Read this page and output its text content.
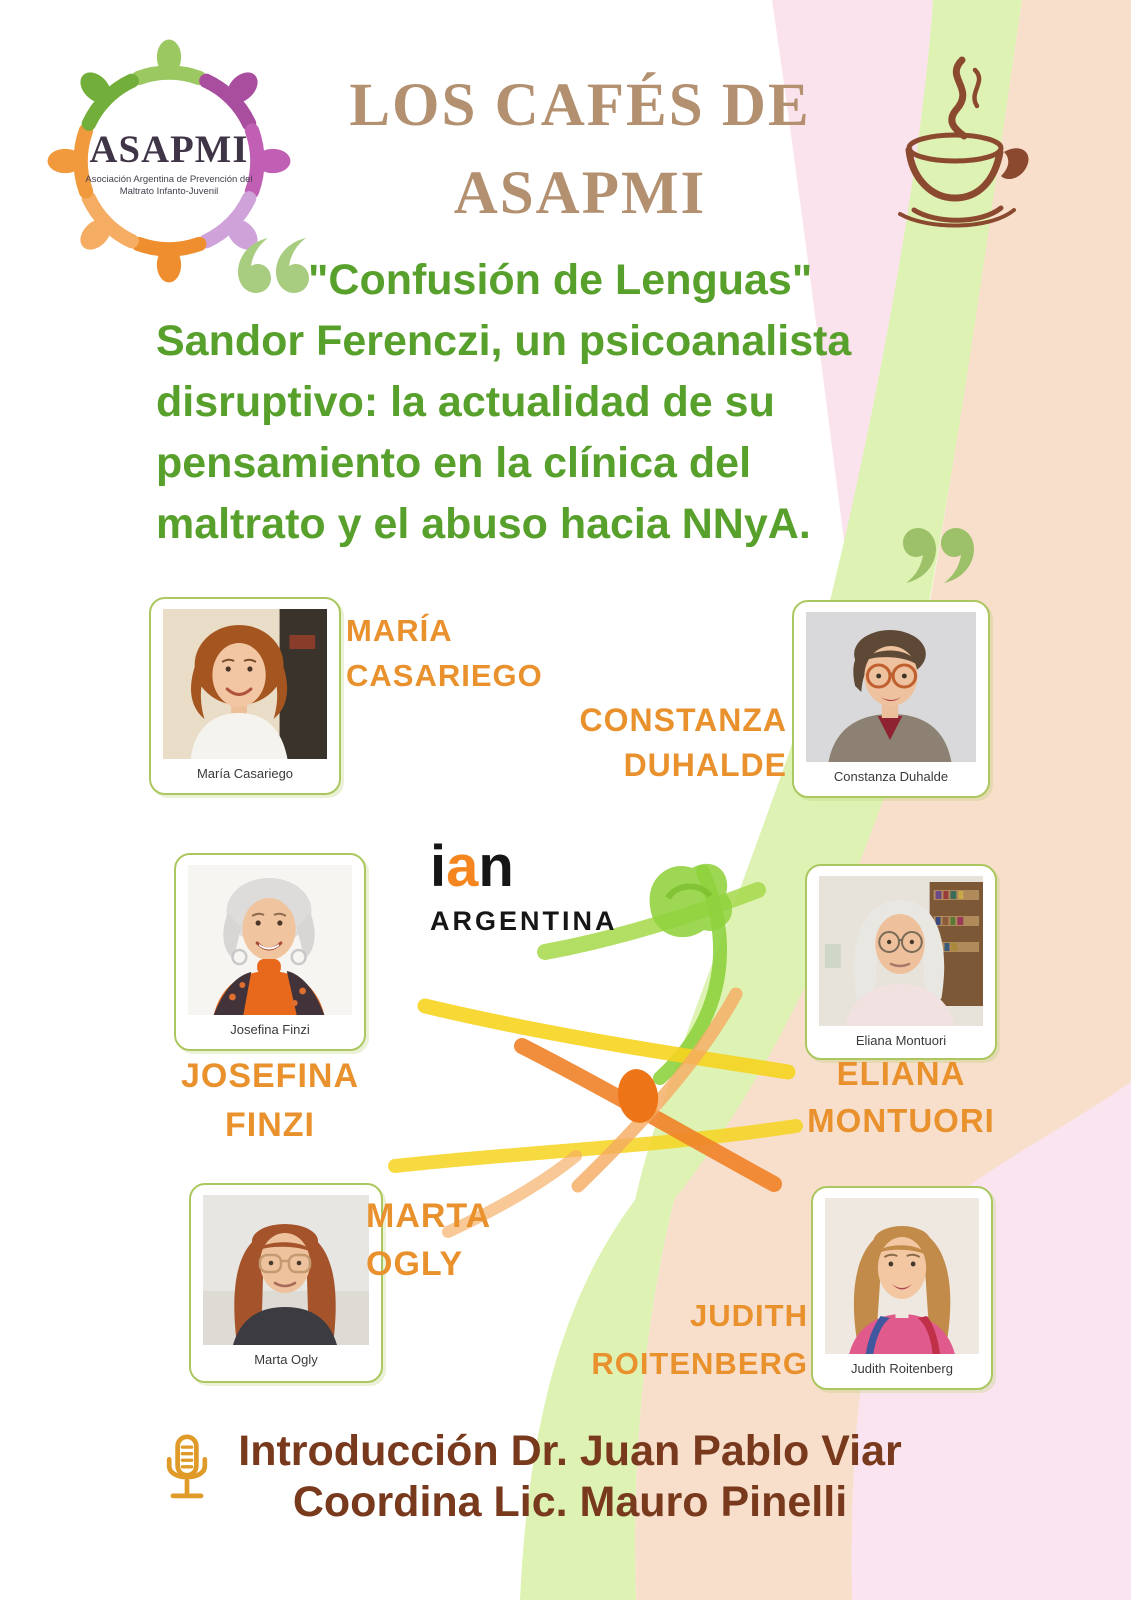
ASAPMI
Asociación Argentina de Prevención del
Maltrato Infanto-Juvenil
LOS CAFÉS DE
ASAPMI
"Confusión de Lenguas"
Sandor Ferenczi, un psicoanalista
disruptivo: la actualidad de su
pensamiento en la clínica del
maltrato y el abuso hacia NNyA.
María Casariego
MARÍA
CASARIEGO
Constanza Duhalde
CONSTANZA
DUHALDE
Josefina Finzi
JOSEFINA
FINZI
Eliana Montuori
ELIANA
MONTUORI
Marta Ogly
MARTA
OGLY
Judith Roitenberg
JUDITH
ROITENBERG
ian
ARGENTINA
Introducción Dr. Juan Pablo Viar
Coordina Lic. Mauro Pinelli
